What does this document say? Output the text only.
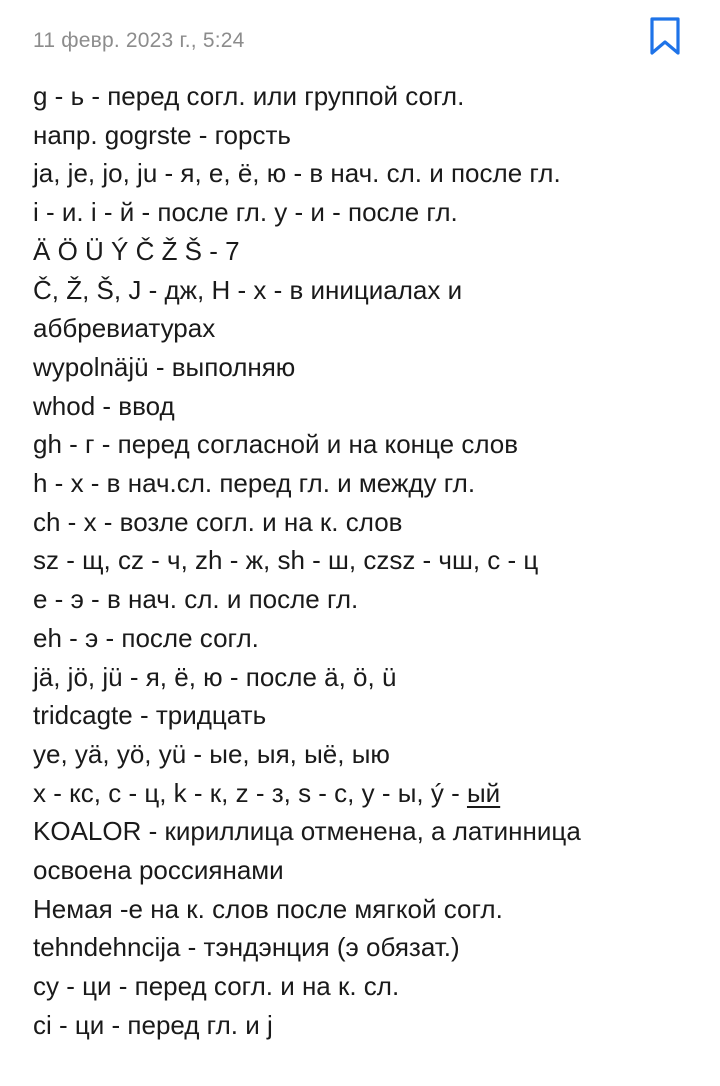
11 февр. 2023 г., 5:24
g - ь - перед согл. или группой согл.
напр. gogrste - горсть
ja, je, jo, ju - я, е, ё, ю - в нач. сл. и после гл.
i - и. i - й - после гл. y - и - после гл.
Ä Ö Ü Ý Č Ž Š - 7
Č, Ž, Š, J - дж, H - х - в инициалах и
аббревиатурах
wypolnäjü - выполняю
whod - ввод
gh - г - перед согласной и на конце слов
h - х - в нач.сл. перед гл. и между гл.
ch - х - возле согл. и на к. слов
sz - щ, cz - ч, zh - ж, sh - ш, czsz - чш, c - ц
e - э - в нач. сл. и после гл.
eh - э - после согл.
jä, jö, jü - я, ё, ю - после ä, ö, ü
tridcagte - тридцать
ye, yä, yö, yü - ые, ыя, ыё, ыю
x - кс, c - ц, k - к, z - з, s - с, y - ы, ý - ый
KOALOR - кириллица отменена, а латинница
освоена россиянами
Немая -e на к. слов после мягкой согл.
tehndehncija - тэндэнция (э обязат.)
cy - ци - перед согл. и на к. сл.
ci - ци - перед гл. и j
